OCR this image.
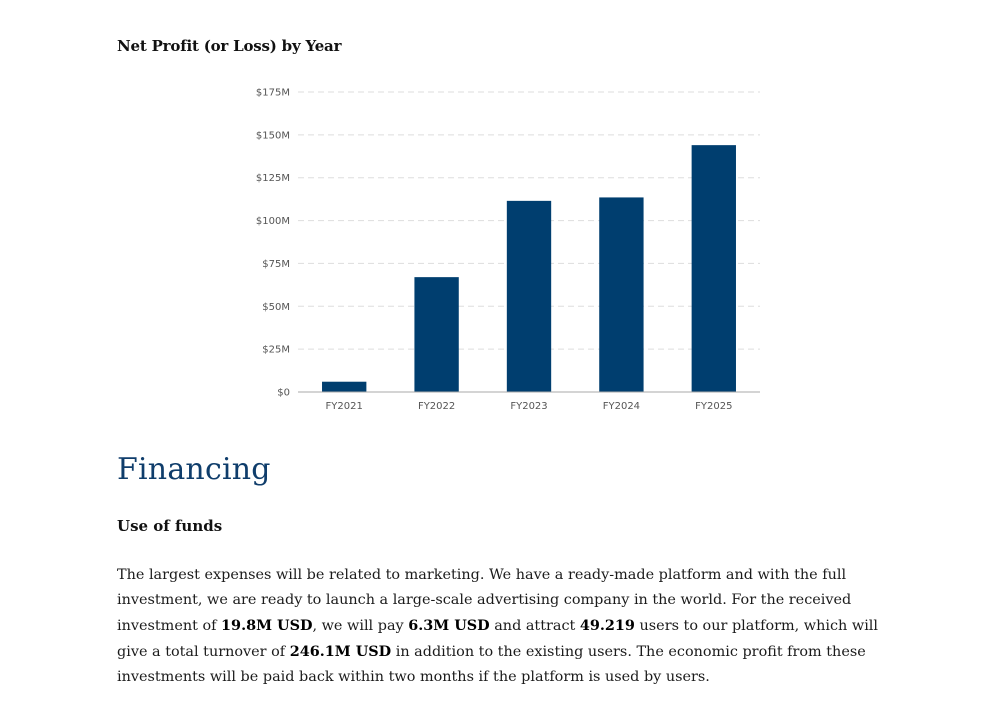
Net Profit (or Loss) by Year
$0
$25M
$50M
$75M
$100M
$125M
$150M
$175M
FY2021	FY2022	FY2023	FY2024	FY2025
Financing
Use of funds

The largest expenses will be related to marketing. We have a ready-made platform and with the full investment, we are ready to launch a large-scale advertising company in the world. For the received investment of 19.8M USD, we will pay 6.3M USD and attract 49.219 users to our platform, which will give a total turnover of 246.1M USD in addition to the existing users. The economic profit from these investments will be paid back within two months if the platform is used by users.
